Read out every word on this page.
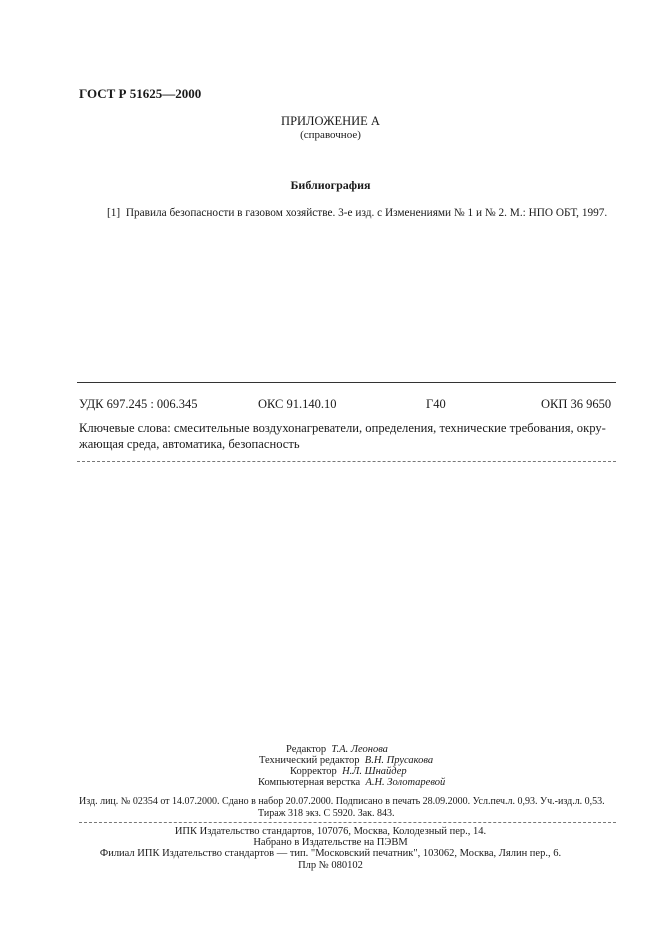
ГОСТ Р 51625—2000
ПРИЛОЖЕНИЕ А
(справочное)
Библиография
[1] Правила безопасности в газовом хозяйстве. 3-е изд. с Изменениями № 1 и № 2. М.: НПО ОБТ, 1997.
УДК 697.245 : 006.345	ОКС 91.140.10	Г40	ОКП 36 9650
Ключевые слова: смесительные воздухонагреватели, определения, технические требования, окру-
жающая среда, автоматика, безопасность
Редактор Т.А. Леонова
Технический редактор В.Н. Прусакова
Корректор Н.Л. Шнайдер
Компьютерная верстка А.Н. Золотаревой
Изд. лиц. № 02354 от 14.07.2000. Сдано в набор 20.07.2000. Подписано в печать 28.09.2000. Усл.печ.л. 0,93. Уч.-изд.л. 0,53.
Тираж 318 экз. С 5920. Зак. 843.
ИПК Издательство стандартов, 107076, Москва, Колодезный пер., 14.
Набрано в Издательстве на ПЭВМ
Филиал ИПК Издательство стандартов — тип. "Московский печатник", 103062, Москва, Лялин пер., 6.
Плр № 080102
